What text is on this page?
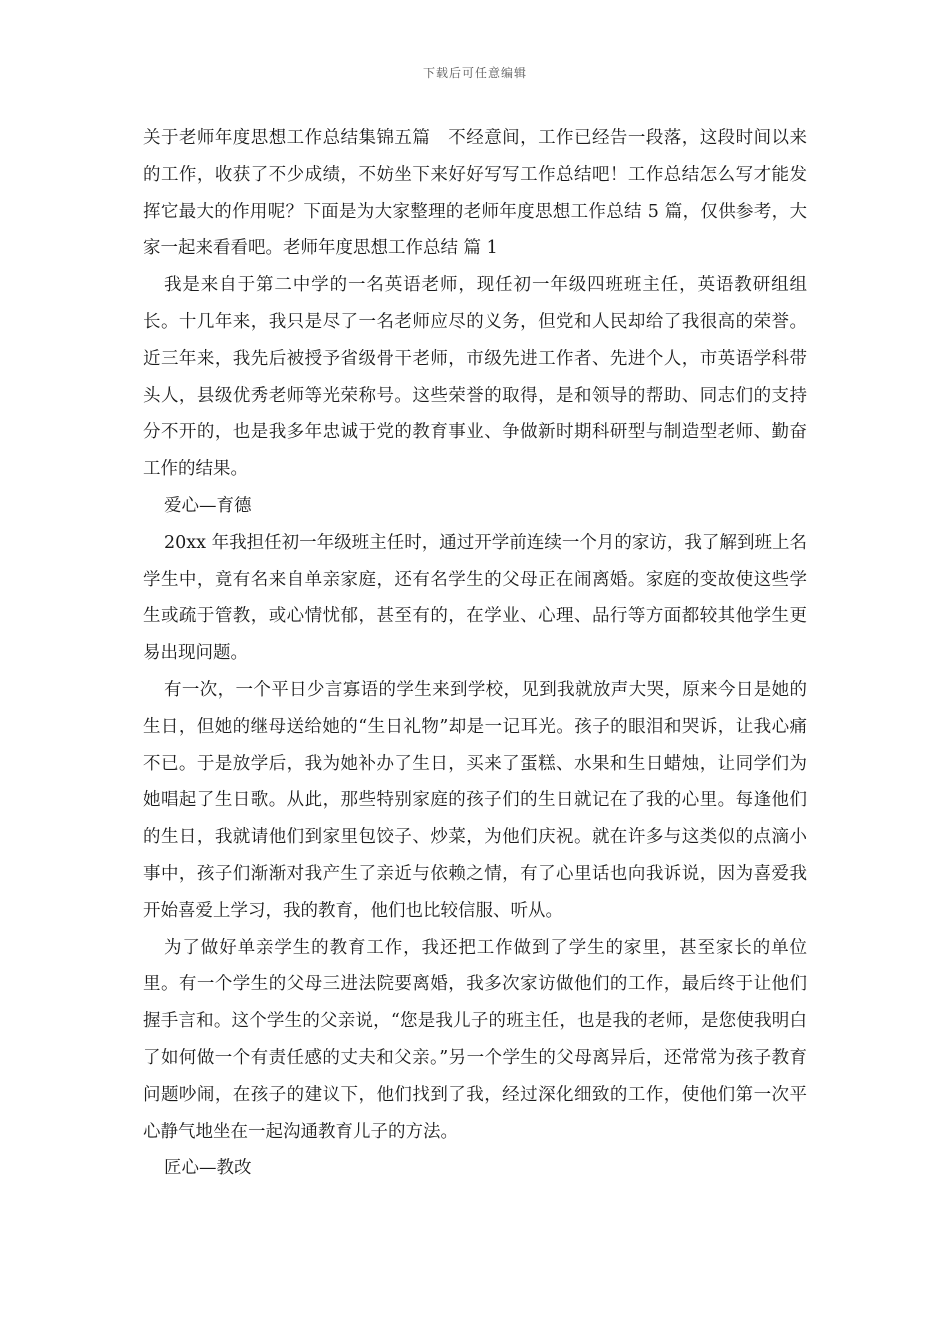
下载后可任意编辑

关于老师年度思想工作总结集锦五篇　不经意间，工作已经告一段落，这段时间以来的工作，收获了不少成绩，不妨坐下来好好写写工作总结吧！工作总结怎么写才能发挥它最大的作用呢？下面是为大家整理的老师年度思想工作总结 5 篇，仅供参考，大家一起来看看吧。老师年度思想工作总结 篇 1

我是来自于第二中学的一名英语老师，现任初一年级四班班主任，英语教研组组长。十几年来，我只是尽了一名老师应尽的义务，但党和人民却给了我很高的荣誉。近三年来，我先后被授予省级骨干老师，市级先进工作者、先进个人，市英语学科带头人，县级优秀老师等光荣称号。这些荣誉的取得，是和领导的帮助、同志们的支持分不开的，也是我多年忠诚于党的教育事业、争做新时期科研型与制造型老师、勤奋工作的结果。

爱心—育德

20xx 年我担任初一年级班主任时，通过开学前连续一个月的家访，我了解到班上名学生中，竟有名来自单亲家庭，还有名学生的父母正在闹离婚。家庭的变故使这些学生或疏于管教，或心情忧郁，甚至有的，在学业、心理、品行等方面都较其他学生更易出现问题。

有一次，一个平日少言寡语的学生来到学校，见到我就放声大哭，原来今日是她的生日，但她的继母送给她的“生日礼物”却是一记耳光。孩子的眼泪和哭诉，让我心痛不已。于是放学后，我为她补办了生日，买来了蛋糕、水果和生日蜡烛，让同学们为她唱起了生日歌。从此，那些特别家庭的孩子们的生日就记在了我的心里。每逢他们的生日，我就请他们到家里包饺子、炒菜，为他们庆祝。就在许多与这类似的点滴小事中，孩子们渐渐对我产生了亲近与依赖之情，有了心里话也向我诉说，因为喜爱我开始喜爱上学习，我的教育，他们也比较信服、听从。

为了做好单亲学生的教育工作，我还把工作做到了学生的家里，甚至家长的单位里。有一个学生的父母三进法院要离婚，我多次家访做他们的工作，最后终于让他们握手言和。这个学生的父亲说，“您是我儿子的班主任，也是我的老师，是您使我明白了如何做一个有责任感的丈夫和父亲。”另一个学生的父母离异后，还常常为孩子教育问题吵闹，在孩子的建议下，他们找到了我，经过深化细致的工作，使他们第一次平心静气地坐在一起沟通教育儿子的方法。

匠心—教改
